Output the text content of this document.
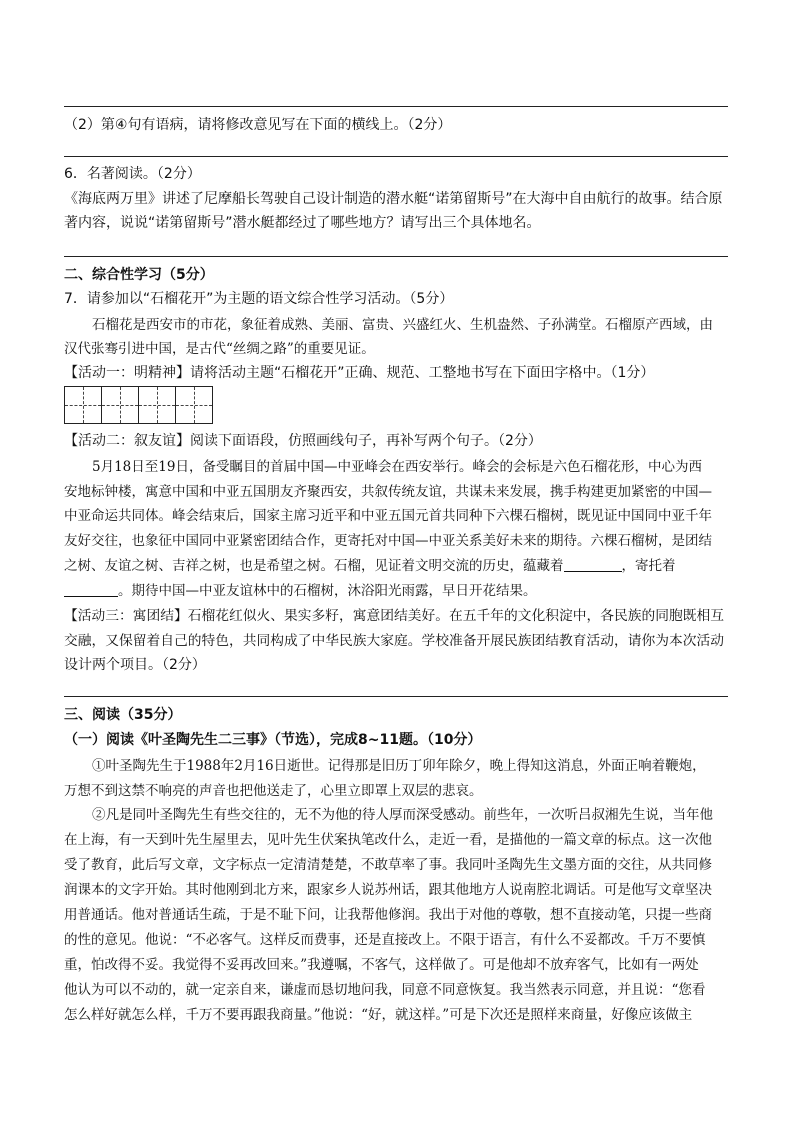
（2）第④句有语病，请将修改意见写在下面的横线上。（2分）
6．名著阅读。（2分）
《海底两万里》讲述了尼摩船长驾驶自己设计制造的潜水艇“诺第留斯号”在大海中自由航行的故事。结合原
著内容，说说“诺第留斯号”潜水艇都经过了哪些地方？请写出三个具体地名。
二、综合性学习（5分）
7．请参加以“石榴花开”为主题的语文综合性学习活动。（5分）
石榴花是西安市的市花，象征着成熟、美丽、富贵、兴盛红火、生机盎然、子孙满堂。石榴原产西域，由
汉代张骞引进中国，是古代“丝绸之路”的重要见证。
【活动一：明精神】请将活动主题“石榴花开”正确、规范、工整地书写在下面田字格中。（1分）
【活动二：叙友谊】阅读下面语段，仿照画线句子，再补写两个句子。（2分）
5月18日至19日，备受瞩目的首届中国—中亚峰会在西安举行。峰会的会标是六色石榴花形，中心为西
安地标钟楼，寓意中国和中亚五国朋友齐聚西安，共叙传统友谊，共谋未来发展，携手构建更加紧密的中国—
中亚命运共同体。峰会结束后，国家主席习近平和中亚五国元首共同种下六棵石榴树，既见证中国同中亚千年
友好交往，也象征中国同中亚紧密团结合作，更寄托对中国—中亚关系美好未来的期待。六棵石榴树，是团结
之树、友谊之树、吉祥之树，也是希望之树。石榴，见证着文明交流的历史，蕴藏着	，寄托着
。期待中国—中亚友谊林中的石榴树，沐浴阳光雨露，早日开花结果。
【活动三：寓团结】石榴花红似火、果实多籽，寓意团结美好。在五千年的文化积淀中，各民族的同胞既相互
交融，又保留着自己的特色，共同构成了中华民族大家庭。学校准备开展民族团结教育活动，请你为本次活动
设计两个项目。（2分）
三、阅读（35分）
（一）阅读《叶圣陶先生二三事》（节选），完成8~11题。（10分）
①叶圣陶先生于1988年2月16日逝世。记得那是旧历丁卯年除夕，晚上得知这消息，外面正响着鞭炮，
万想不到这禁不响亮的声音也把他送走了，心里立即罩上双层的悲哀。
②凡是同叶圣陶先生有些交往的，无不为他的待人厚而深受感动。前些年，一次听吕叔湘先生说，当年他
在上海，有一天到叶先生屋里去，见叶先生伏案执笔改什么，走近一看，是描他的一篇文章的标点。这一次他
受了教育，此后写文章，文字标点一定清清楚楚，不敢草率了事。我同叶圣陶先生文墨方面的交往，从共同修
润课本的文字开始。其时他刚到北方来，跟家乡人说苏州话，跟其他地方人说南腔北调话。可是他写文章坚决
用普通话。他对普通话生疏，于是不耻下问，让我帮他修润。我出于对他的尊敬，想不直接动笔，只提一些商
的性的意见。他说：“不必客气。这样反而费事，还是直接改上。不限于语言，有什么不妥都改。千万不要慎
重，怕改得不妥。我觉得不妥再改回来。”我遵嘱，不客气，这样做了。可是他却不放弃客气，比如有一两处
他认为可以不动的，就一定亲自来，谦虚而恳切地问我，同意不同意恢复。我当然表示同意，并且说：“您看
怎么样好就怎么样，千万不要再跟我商量。”他说：“好，就这样。”可是下次还是照样来商量，好像应该做主
